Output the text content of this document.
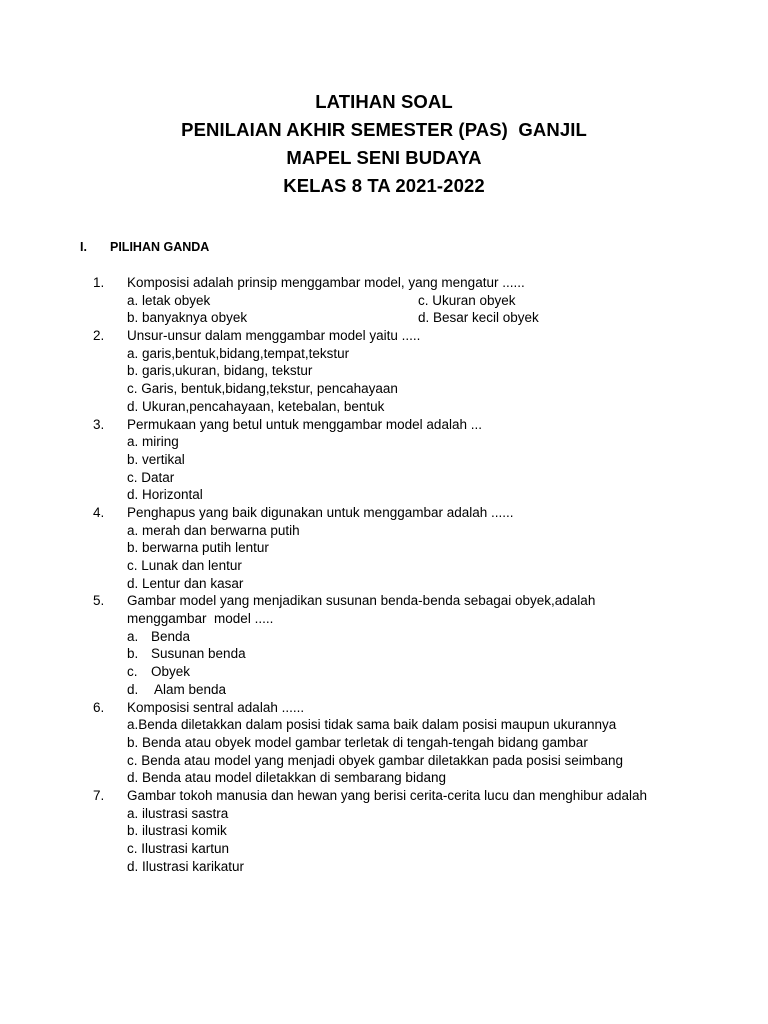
LATIHAN SOAL
PENILAIAN AKHIR SEMESTER (PAS)  GANJIL
MAPEL SENI BUDAYA
KELAS 8 TA 2021-2022
I. PILIHAN GANDA
1. Komposisi adalah prinsip menggambar model, yang mengatur ......
a. letak obyek	c. Ukuran obyek
b. banyaknya obyek	d. Besar kecil obyek
2. Unsur-unsur dalam menggambar model yaitu .....
a. garis,bentuk,bidang,tempat,tekstur
b. garis,ukuran, bidang, tekstur
c. Garis, bentuk,bidang,tekstur, pencahayaan
d. Ukuran,pencahayaan, ketebalan, bentuk
3. Permukaan yang betul untuk menggambar model adalah ...
a. miring
b. vertikal
c. Datar
d. Horizontal
4. Penghapus yang baik digunakan untuk menggambar adalah ......
a. merah dan berwarna putih
b. berwarna putih lentur
c. Lunak dan lentur
d. Lentur dan kasar
5. Gambar model yang menjadikan susunan benda-benda sebagai obyek,adalah
menggambar  model .....
a. Benda
b. Susunan benda
c. Obyek
d. Alam benda
6. Komposisi sentral adalah ......
a.Benda diletakkan dalam posisi tidak sama baik dalam posisi maupun ukurannya
b. Benda atau obyek model gambar terletak di tengah-tengah bidang gambar
c. Benda atau model yang menjadi obyek gambar diletakkan pada posisi seimbang
d. Benda atau model diletakkan di sembarang bidang
7. Gambar tokoh manusia dan hewan yang berisi cerita-cerita lucu dan menghibur adalah
a. ilustrasi sastra
b. ilustrasi komik
c. Ilustrasi kartun
d. Ilustrasi karikatur
